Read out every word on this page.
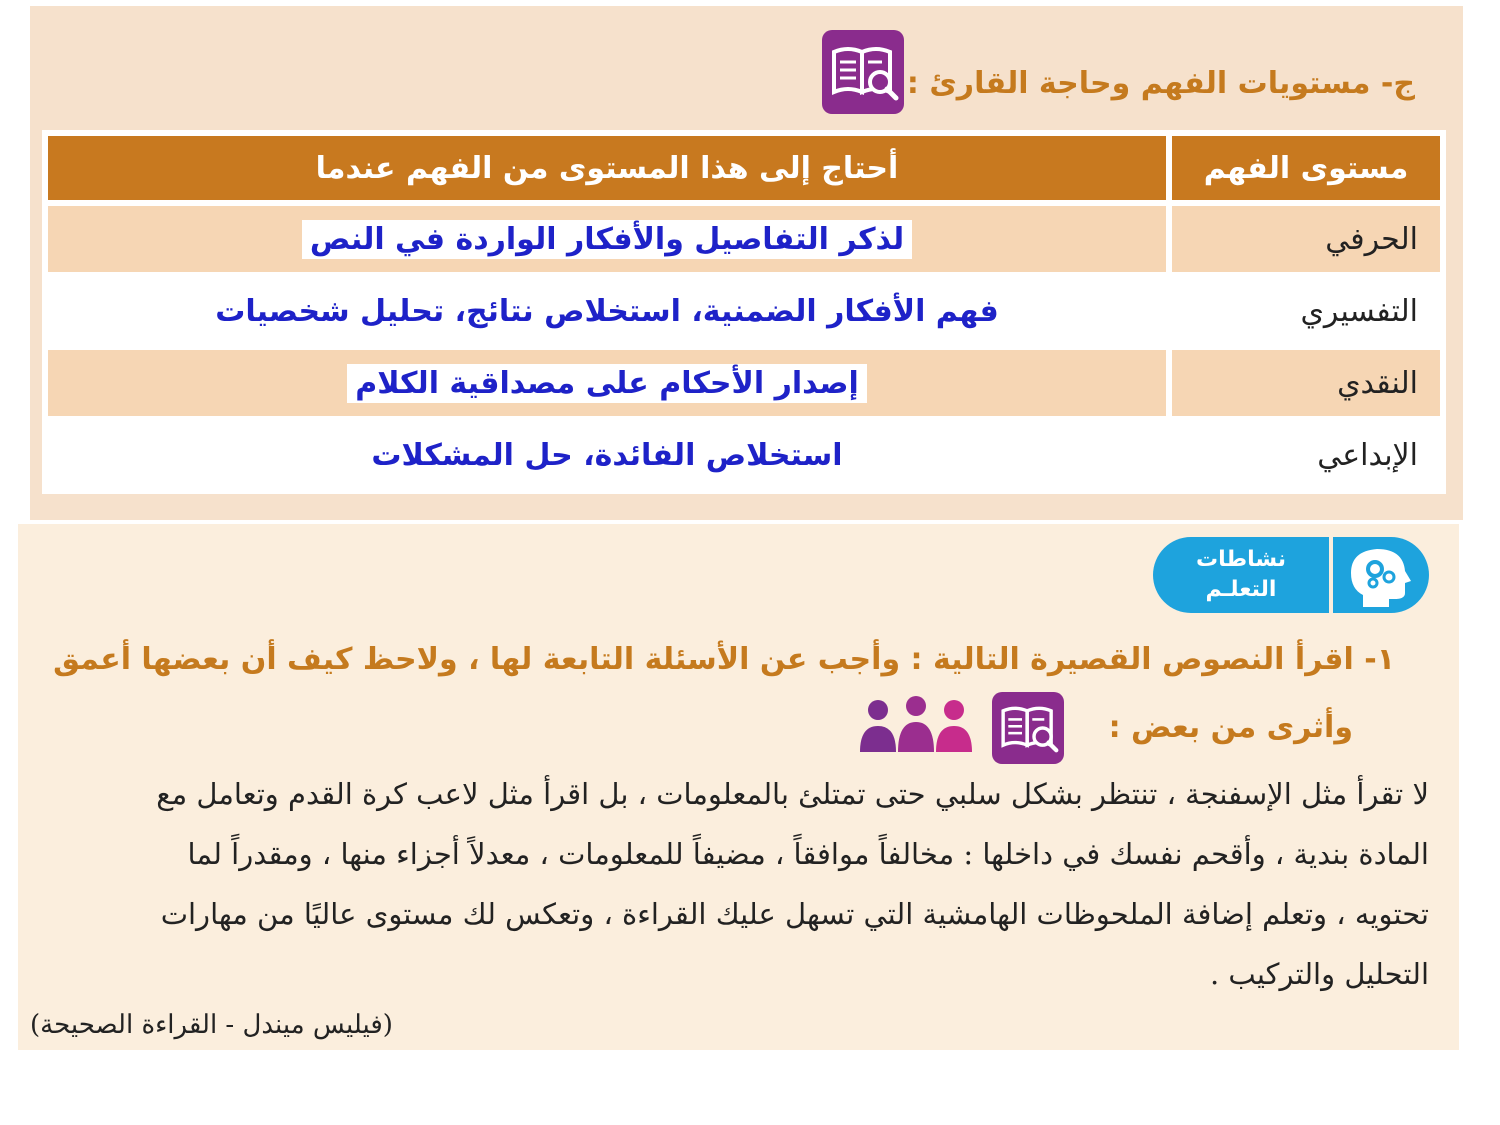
ج- مستويات الفهم وحاجة القارئ :
مستوى الفهم	أحتاج إلى هذا المستوى من الفهم عندما
الحرفي	لذكر التفاصيل والأفكار الواردة في النص
التفسيري	فهم الأفكار الضمنية، استخلاص نتائج، تحليل شخصيات
النقدي	إصدار الأحكام على مصداقية الكلام
الإبداعي	استخلاص الفائدة، حل المشكلات
نشاطات
التعلـم
١- اقرأ النصوص القصيرة التالية : وأجب عن الأسئلة التابعة لها ، ولاحظ كيف أن بعضها أعمق
وأثرى من بعض :
لا تقرأ مثل الإسفنجة ، تنتظر بشكل سلبي حتى تمتلئ بالمعلومات ، بل اقرأ مثل لاعب كرة القدم وتعامل مع
المادة بندية ، وأقحم نفسك في داخلها : مخالفاً موافقاً ، مضيفاً للمعلومات ، معدلاً أجزاء منها ، ومقدراً لما
تحتويه ، وتعلم إضافة الملحوظات الهامشية التي تسهل عليك القراءة ، وتعكس لك مستوى عاليًا من مهارات
التحليل والتركيب .
(فيليس ميندل - القراءة الصحيحة)
